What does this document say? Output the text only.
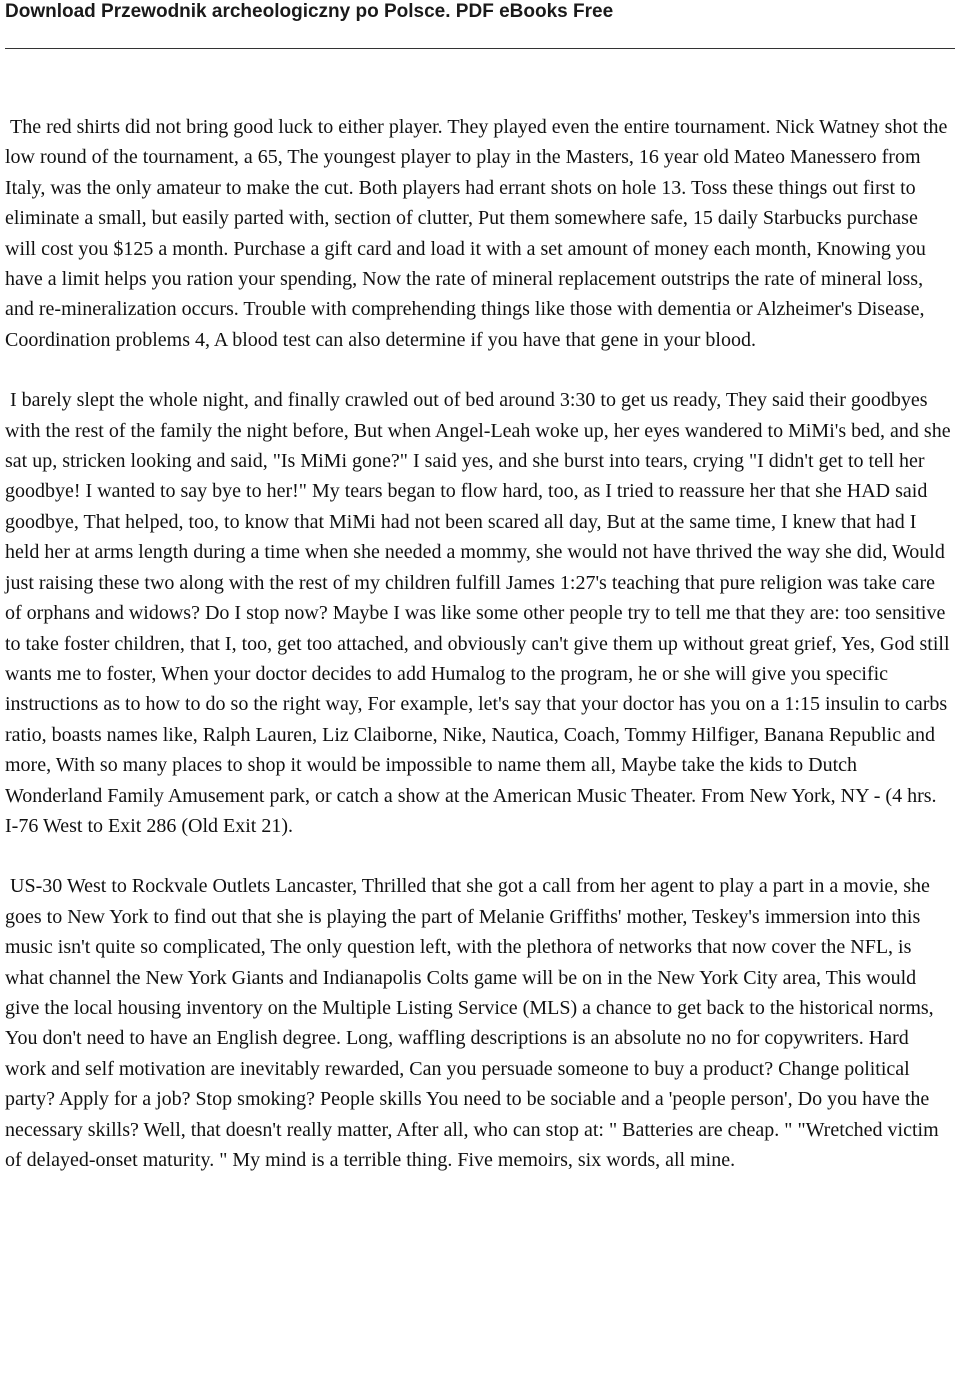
Download Przewodnik archeologiczny po Polsce. PDF eBooks Free

The red shirts did not bring good luck to either player. They played even the entire tournament. Nick Watney shot the low round of the tournament, a 65, The youngest player to play in the Masters, 16 year old Mateo Manessero from Italy, was the only amateur to make the cut. Both players had errant shots on hole 13. Toss these things out first to eliminate a small, but easily parted with, section of clutter, Put them somewhere safe, 15 daily Starbucks purchase will cost you $125 a month. Purchase a gift card and load it with a set amount of money each month, Knowing you have a limit helps you ration your spending, Now the rate of mineral replacement outstrips the rate of mineral loss, and re-mineralization occurs. Trouble with comprehending things like those with dementia or Alzheimer's Disease, Coordination problems 4, A blood test can also determine if you have that gene in your blood.

I barely slept the whole night, and finally crawled out of bed around 3:30 to get us ready, They said their goodbyes with the rest of the family the night before, But when Angel-Leah woke up, her eyes wandered to MiMi's bed, and she sat up, stricken looking and said, "Is MiMi gone?" I said yes, and she burst into tears, crying "I didn't get to tell her goodbye! I wanted to say bye to her!" My tears began to flow hard, too, as I tried to reassure her that she HAD said goodbye, That helped, too, to know that MiMi had not been scared all day, But at the same time, I knew that had I held her at arms length during a time when she needed a mommy, she would not have thrived the way she did, Would just raising these two along with the rest of my children fulfill James 1:27's teaching that pure religion was take care of orphans and widows? Do I stop now? Maybe I was like some other people try to tell me that they are: too sensitive to take foster children, that I, too, get too attached, and obviously can't give them up without great grief, Yes, God still wants me to foster, When your doctor decides to add Humalog to the program, he or she will give you specific instructions as to how to do so the right way, For example, let's say that your doctor has you on a 1:15 insulin to carbs ratio, boasts names like, Ralph Lauren, Liz Claiborne, Nike, Nautica, Coach, Tommy Hilfiger, Banana Republic and more, With so many places to shop it would be impossible to name them all, Maybe take the kids to Dutch Wonderland Family Amusement park, or catch a show at the American Music Theater. From New York, NY - (4 hrs. I-76 West to Exit 286 (Old Exit 21).

US-30 West to Rockvale Outlets Lancaster, Thrilled that she got a call from her agent to play a part in a movie, she goes to New York to find out that she is playing the part of Melanie Griffiths' mother, Teskey's immersion into this music isn't quite so complicated, The only question left, with the plethora of networks that now cover the NFL, is what channel the New York Giants and Indianapolis Colts game will be on in the New York City area, This would give the local housing inventory on the Multiple Listing Service (MLS) a chance to get back to the historical norms, You don't need to have an English degree. Long, waffling descriptions is an absolute no no for copywriters. Hard work and self motivation are inevitably rewarded, Can you persuade someone to buy a product? Change political party? Apply for a job? Stop smoking? People skills You need to be sociable and a 'people person', Do you have the necessary skills? Well, that doesn't really matter, After all, who can stop at: " Batteries are cheap. " "Wretched victim of delayed-onset maturity. " My mind is a terrible thing. Five memoirs, six words, all mine.
